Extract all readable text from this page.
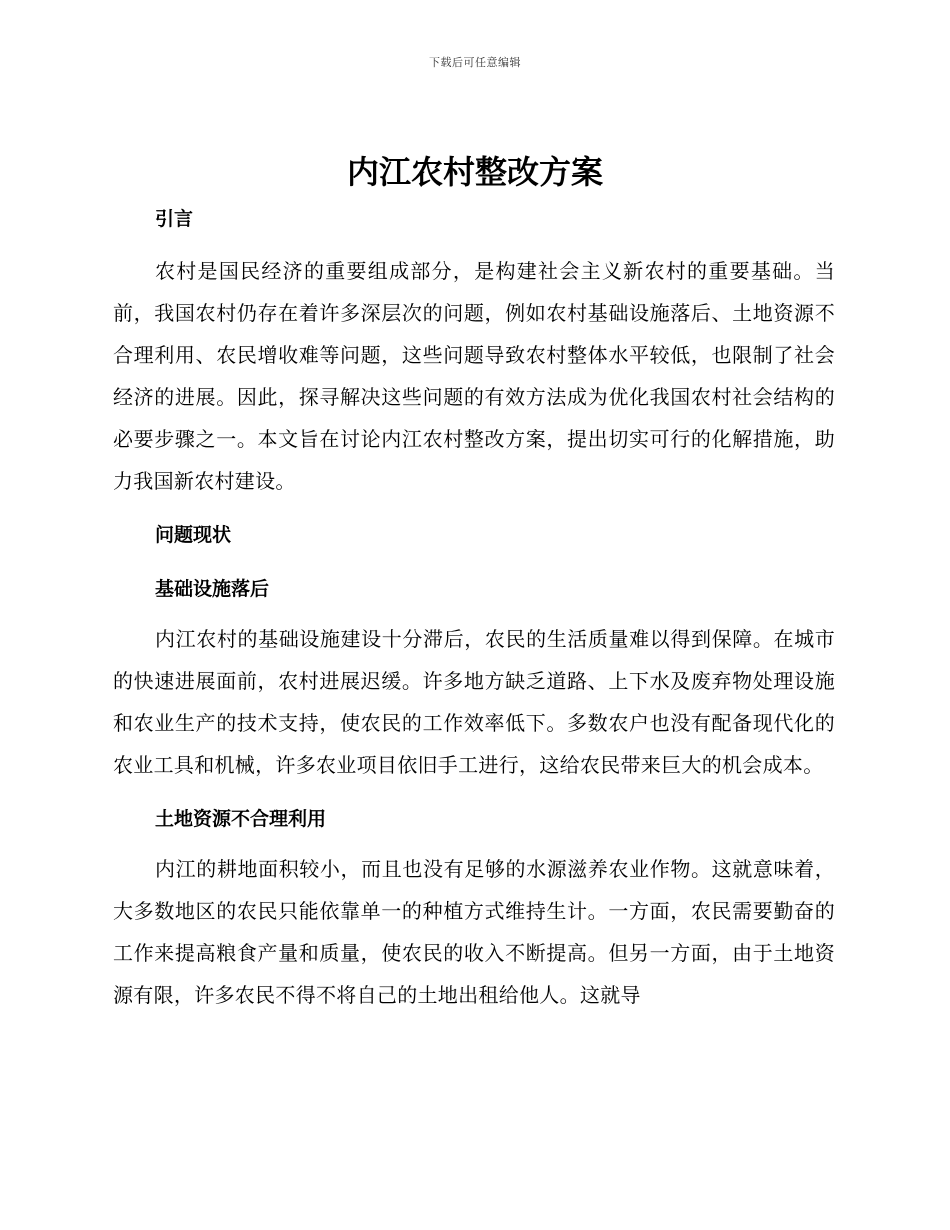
下载后可任意编辑
内江农村整改方案
引言

农村是国民经济的重要组成部分，是构建社会主义新农村的重要基础。当前，我国农村仍存在着许多深层次的问题，例如农村基础设施落后、土地资源不合理利用、农民增收难等问题，这些问题导致农村整体水平较低，也限制了社会经济的进展。因此，探寻解决这些问题的有效方法成为优化我国农村社会结构的必要步骤之一。本文旨在讨论内江农村整改方案，提出切实可行的化解措施，助力我国新农村建设。

问题现状
基础设施落后

内江农村的基础设施建设十分滞后，农民的生活质量难以得到保障。在城市的快速进展面前，农村进展迟缓。许多地方缺乏道路、上下水及废弃物处理设施和农业生产的技术支持，使农民的工作效率低下。多数农户也没有配备现代化的农业工具和机械，许多农业项目依旧手工进行，这给农民带来巨大的机会成本。

土地资源不合理利用

内江的耕地面积较小，而且也没有足够的水源滋养农业作物。这就意味着，大多数地区的农民只能依靠单一的种植方式维持生计。一方面，农民需要勤奋的工作来提高粮食产量和质量，使农民的收入不断提高。但另一方面，由于土地资源有限，许多农民不得不将自己的土地出租给他人。这就导
